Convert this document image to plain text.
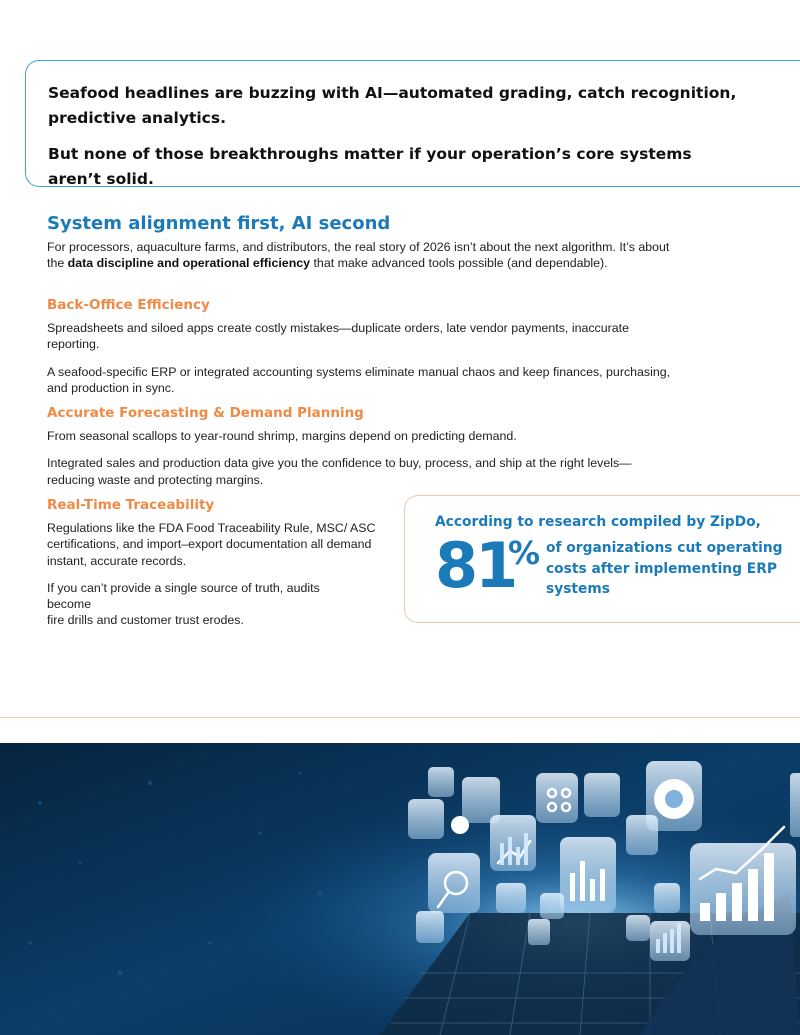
Seafood headlines are buzzing with AI—automated grading, catch recognition, predictive analytics.

But none of those breakthroughs matter if your operation’s core systems aren’t solid.

System alignment first, AI second

For processors, aquaculture farms, and distributors, the real story of 2026 isn’t about the next algorithm. It’s about the data discipline and operational efficiency that make advanced tools possible (and dependable).

Back-Office Efficiency

Spreadsheets and siloed apps create costly mistakes—duplicate orders, late vendor payments, inaccurate reporting.

A seafood-specific ERP or integrated accounting systems eliminate manual chaos and keep finances, purchasing, and production in sync.

Accurate Forecasting & Demand Planning

From seasonal scallops to year-round shrimp, margins depend on predicting demand.

Integrated sales and production data give you the confidence to buy, process, and ship at the right levels—reducing waste and protecting margins.

Real-Time Traceability

Regulations like the FDA Food Traceability Rule, MSC/ ASC certifications, and import–export documentation all demand instant, accurate records.

If you can’t provide a single source of truth, audits become

fire drills and customer trust erodes.

According to research compiled by ZipDo,
81
% of organizations cut operating costs after implementing ERP systems
